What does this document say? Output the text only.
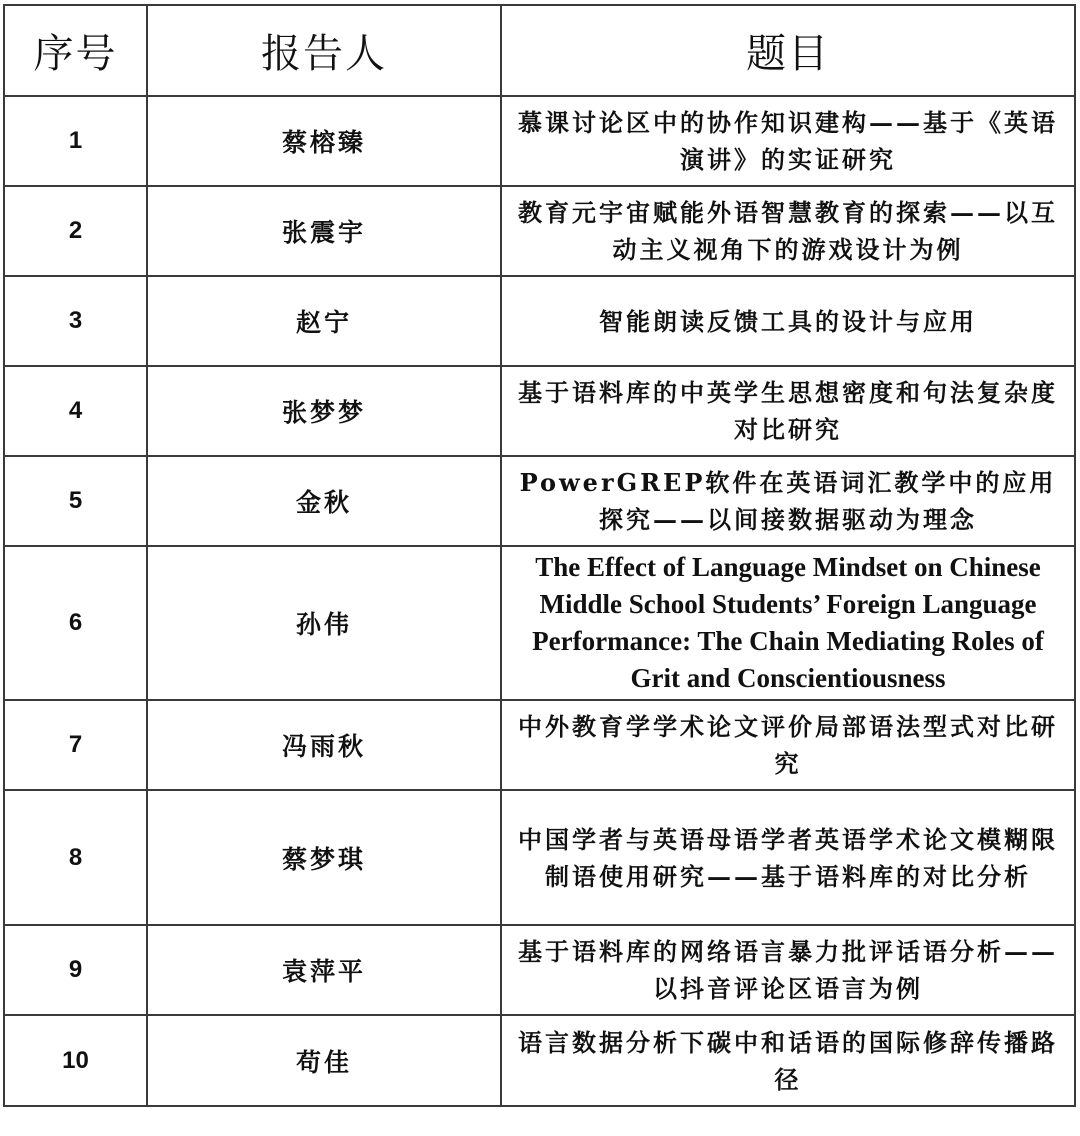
序号	报告人	题目
1	蔡榕臻	慕课讨论区中的协作知识建构——基于《英语演讲》的实证研究
2	张震宇	教育元宇宙赋能外语智慧教育的探索——以互动主义视角下的游戏设计为例
3	赵宁	智能朗读反馈工具的设计与应用
4	张梦梦	基于语料库的中英学生思想密度和句法复杂度对比研究
5	金秋	PowerGREP软件在英语词汇教学中的应用探究——以间接数据驱动为理念
6	孙伟	The Effect of Language Mindset on Chinese Middle School Students’ Foreign Language Performance: The Chain Mediating Roles of Grit and Conscientiousness
7	冯雨秋	中外教育学学术论文评价局部语法型式对比研究
8	蔡梦琪	中国学者与英语母语学者英语学术论文模糊限制语使用研究——基于语料库的对比分析
9	袁萍平	基于语料库的网络语言暴力批评话语分析——以抖音评论区语言为例
10	苟佳	语言数据分析下碳中和话语的国际修辞传播路径
